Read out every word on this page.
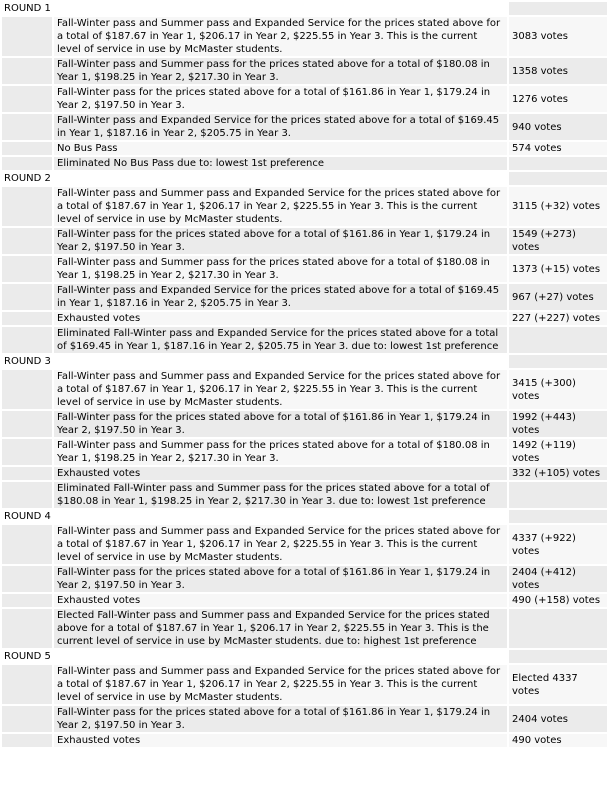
ROUND 1		
	Fall-Winter pass and Summer pass and Expanded Service for the prices stated above for a total of $187.67 in Year 1, $206.17 in Year 2, $225.55 in Year 3. This is the current level of service in use by McMaster students.	3083 votes
	Fall-Winter pass and Summer pass for the prices stated above for a total of $180.08 in Year 1, $198.25 in Year 2, $217.30 in Year 3.	1358 votes
	Fall-Winter pass for the prices stated above for a total of $161.86 in Year 1, $179.24 in Year 2, $197.50 in Year 3.	1276 votes
	Fall-Winter pass and Expanded Service for the prices stated above for a total of $169.45 in Year 1, $187.16 in Year 2, $205.75 in Year 3.	940 votes
	No Bus Pass	574 votes
	Eliminated No Bus Pass due to: lowest 1st preference	
ROUND 2		
	Fall-Winter pass and Summer pass and Expanded Service for the prices stated above for a total of $187.67 in Year 1, $206.17 in Year 2, $225.55 in Year 3. This is the current level of service in use by McMaster students.	3115 (+32) votes
	Fall-Winter pass for the prices stated above for a total of $161.86 in Year 1, $179.24 in Year 2, $197.50 in Year 3.	1549 (+273) votes
	Fall-Winter pass and Summer pass for the prices stated above for a total of $180.08 in Year 1, $198.25 in Year 2, $217.30 in Year 3.	1373 (+15) votes
	Fall-Winter pass and Expanded Service for the prices stated above for a total of $169.45 in Year 1, $187.16 in Year 2, $205.75 in Year 3.	967 (+27) votes
	Exhausted votes	227 (+227) votes
	Eliminated Fall-Winter pass and Expanded Service for the prices stated above for a total of $169.45 in Year 1, $187.16 in Year 2, $205.75 in Year 3. due to: lowest 1st preference	
ROUND 3		
	Fall-Winter pass and Summer pass and Expanded Service for the prices stated above for a total of $187.67 in Year 1, $206.17 in Year 2, $225.55 in Year 3. This is the current level of service in use by McMaster students.	3415 (+300) votes
	Fall-Winter pass for the prices stated above for a total of $161.86 in Year 1, $179.24 in Year 2, $197.50 in Year 3.	1992 (+443) votes
	Fall-Winter pass and Summer pass for the prices stated above for a total of $180.08 in Year 1, $198.25 in Year 2, $217.30 in Year 3.	1492 (+119) votes
	Exhausted votes	332 (+105) votes
	Eliminated Fall-Winter pass and Summer pass for the prices stated above for a total of $180.08 in Year 1, $198.25 in Year 2, $217.30 in Year 3. due to: lowest 1st preference	
ROUND 4		
	Fall-Winter pass and Summer pass and Expanded Service for the prices stated above for a total of $187.67 in Year 1, $206.17 in Year 2, $225.55 in Year 3. This is the current level of service in use by McMaster students.	4337 (+922) votes
	Fall-Winter pass for the prices stated above for a total of $161.86 in Year 1, $179.24 in Year 2, $197.50 in Year 3.	2404 (+412) votes
	Exhausted votes	490 (+158) votes
	Elected Fall-Winter pass and Summer pass and Expanded Service for the prices stated above for a total of $187.67 in Year 1, $206.17 in Year 2, $225.55 in Year 3. This is the current level of service in use by McMaster students. due to: highest 1st preference	
ROUND 5		
	Fall-Winter pass and Summer pass and Expanded Service for the prices stated above for a total of $187.67 in Year 1, $206.17 in Year 2, $225.55 in Year 3. This is the current level of service in use by McMaster students.	Elected 4337 votes
	Fall-Winter pass for the prices stated above for a total of $161.86 in Year 1, $179.24 in Year 2, $197.50 in Year 3.	2404 votes
	Exhausted votes	490 votes
